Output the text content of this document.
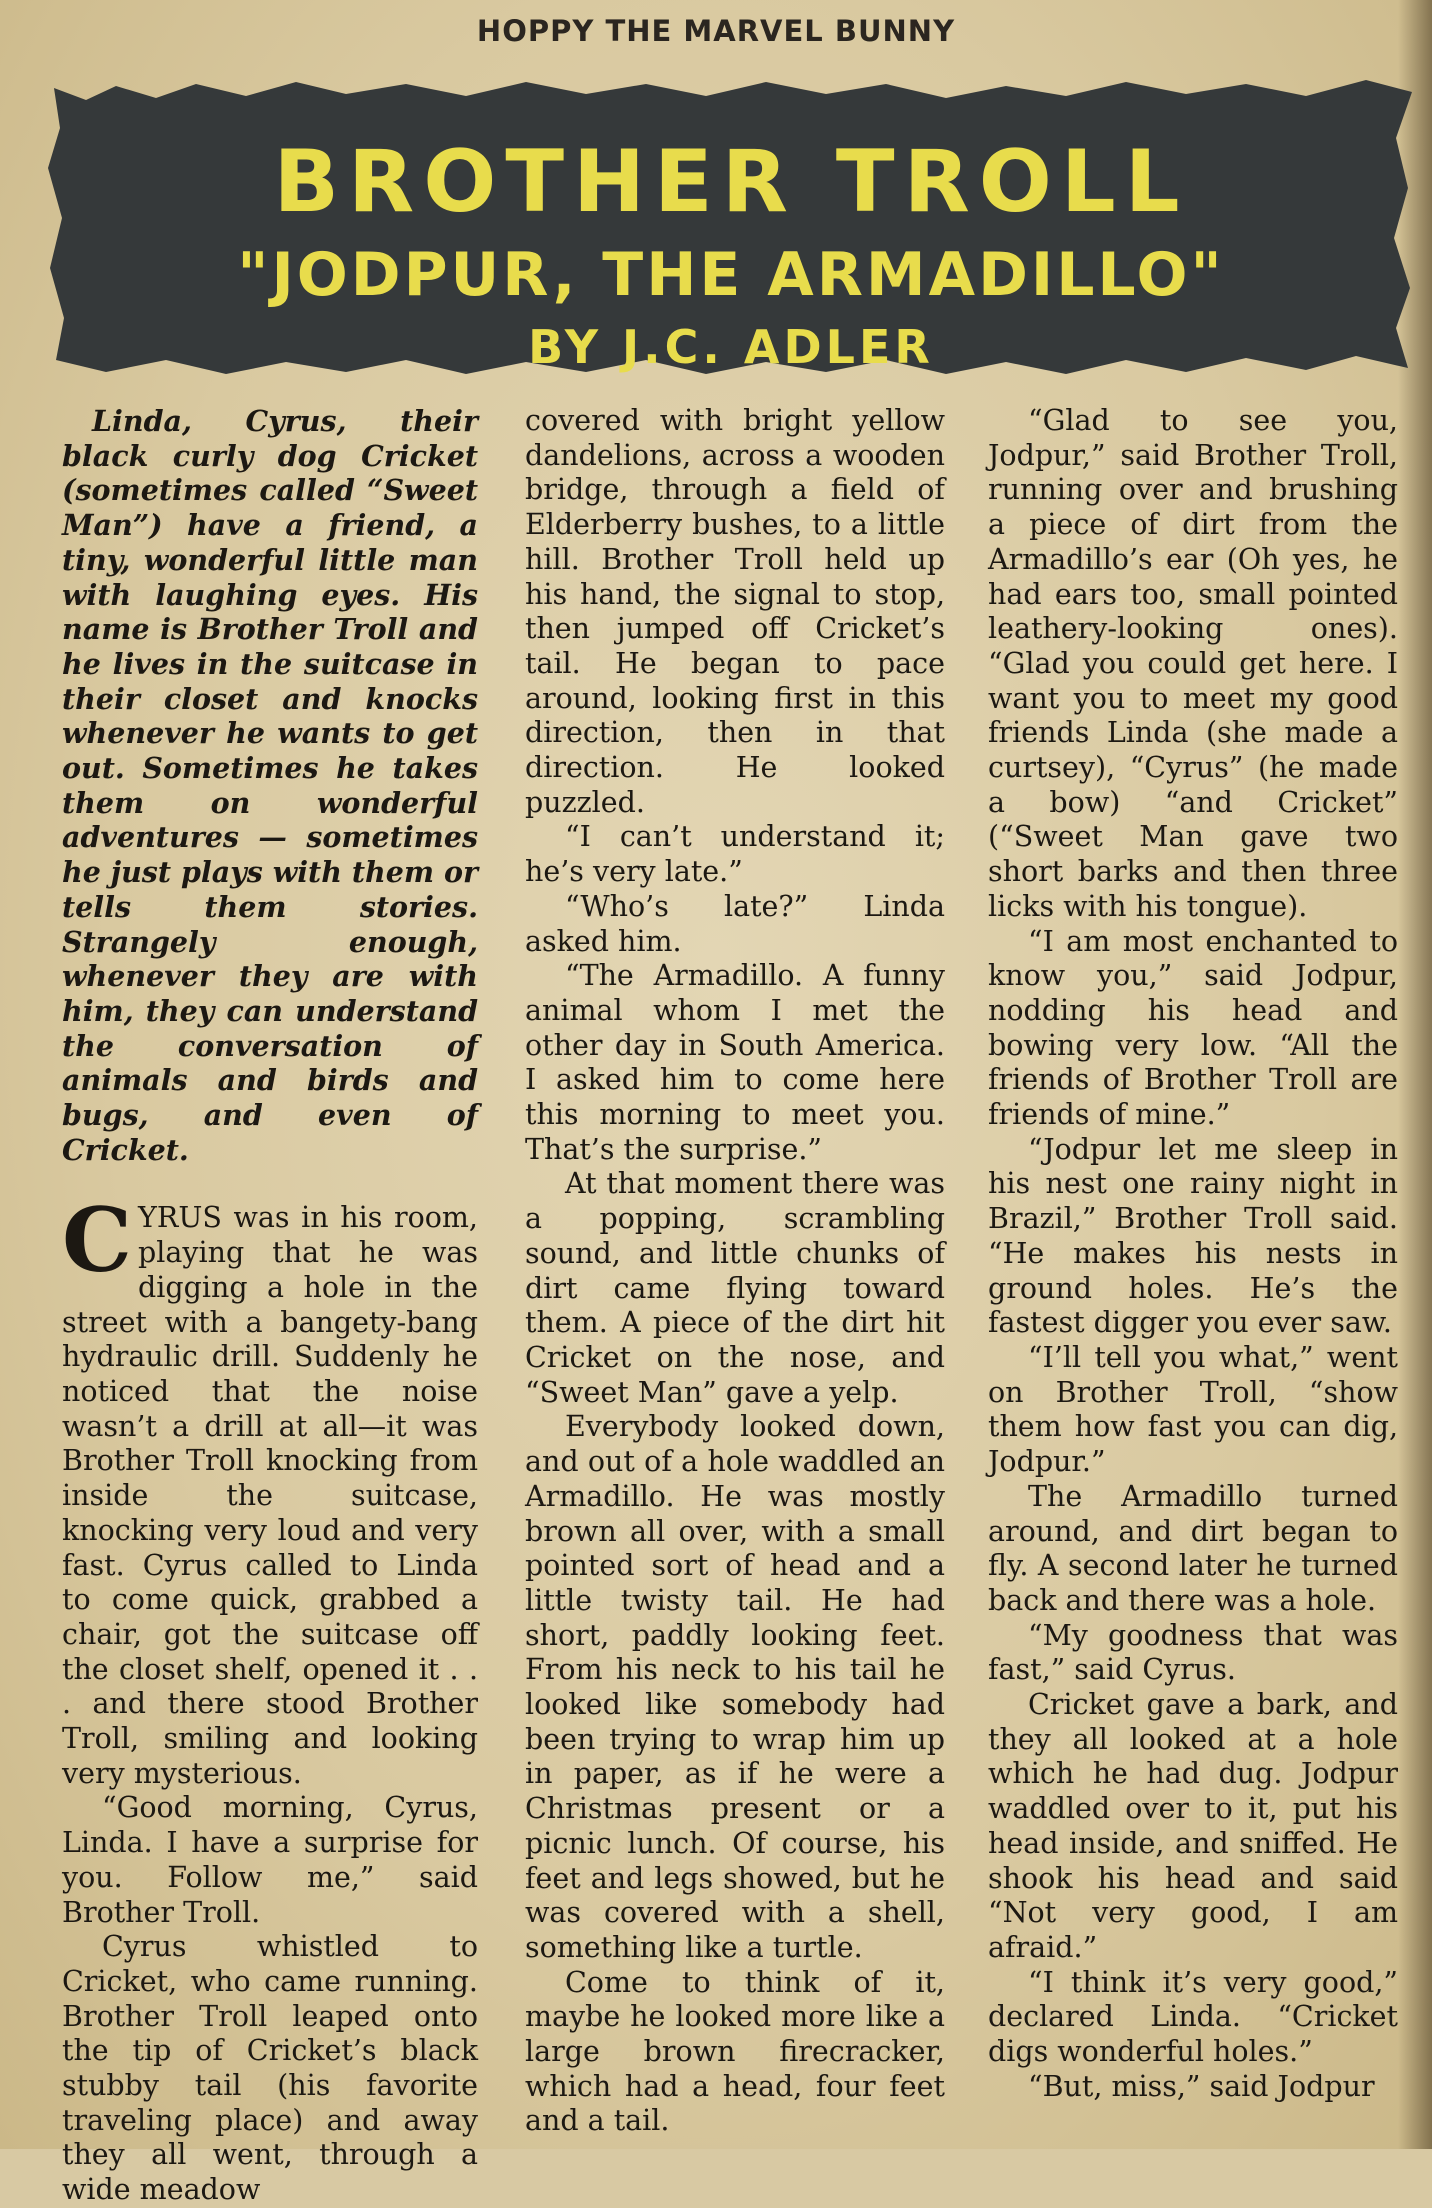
HOPPY THE MARVEL BUNNY
BROTHER TROLL
"JODPUR, THE ARMADILLO"
BY J.C. ADLER

Linda, Cyrus, their black curly dog Cricket (sometimes called “Sweet Man”) have a friend, a tiny, wonderful little man with laughing eyes. His name is Brother Troll and he lives in the suitcase in their closet and knocks whenever he wants to get out. Sometimes he takes them on wonderful adventures — sometimes he just plays with them or tells them stories. Strangely enough, whenever they are with him, they can understand the conversation of animals and birds and bugs, and even of Cricket.

CYRUS was in his room, playing that he was digging a hole in the street with a bangety-bang hydraulic drill. Suddenly he noticed that the noise wasn’t a drill at all—it was Brother Troll knocking from inside the suitcase, knocking very loud and very fast. Cyrus called to Linda to come quick, grabbed a chair, got the suitcase off the closet shelf, opened it . . . and there stood Brother Troll, smiling and looking very mysterious.

“Good morning, Cyrus, Linda. I have a surprise for you. Follow me,” said Brother Troll.

Cyrus whistled to Cricket, who came running. Brother Troll leaped onto the tip of Cricket’s black stubby tail (his favorite traveling place) and away they all went, through a wide meadow

covered with bright yellow dandelions, across a wooden bridge, through a field of Elderberry bushes, to a little hill. Brother Troll held up his hand, the signal to stop, then jumped off Cricket’s tail. He began to pace around, looking first in this direction, then in that direction. He looked puzzled.

“I can’t understand it; he’s very late.”

“Who’s late?” Linda asked him.

“The Armadillo. A funny animal whom I met the other day in South America. I asked him to come here this morning to meet you. That’s the surprise.”

At that moment there was a popping, scrambling sound, and little chunks of dirt came flying toward them. A piece of the dirt hit Cricket on the nose, and “Sweet Man” gave a yelp.

Everybody looked down, and out of a hole waddled an Armadillo. He was mostly brown all over, with a small pointed sort of head and a little twisty tail. He had short, paddly looking feet. From his neck to his tail he looked like somebody had been trying to wrap him up in paper, as if he were a Christmas present or a picnic lunch. Of course, his feet and legs showed, but he was covered with a shell, something like a turtle.

Come to think of it, maybe he looked more like a large brown firecracker, which had a head, four feet and a tail.

“Glad to see you, Jodpur,” said Brother Troll, running over and brushing a piece of dirt from the Armadillo’s ear (Oh yes, he had ears too, small pointed leathery-looking ones). “Glad you could get here. I want you to meet my good friends Linda (she made a curtsey), “Cyrus” (he made a bow) “and Cricket” (“Sweet Man gave two short barks and then three licks with his tongue).

“I am most enchanted to know you,” said Jodpur, nodding his head and bowing very low. “All the friends of Brother Troll are friends of mine.”

“Jodpur let me sleep in his nest one rainy night in Brazil,” Brother Troll said. “He makes his nests in ground holes. He’s the fastest digger you ever saw.

“I’ll tell you what,” went on Brother Troll, “show them how fast you can dig, Jodpur.”

The Armadillo turned around, and dirt began to fly. A second later he turned back and there was a hole.

“My goodness that was fast,” said Cyrus.

Cricket gave a bark, and they all looked at a hole which he had dug. Jodpur waddled over to it, put his head inside, and sniffed. He shook his head and said “Not very good, I am afraid.”

“I think it’s very good,” declared Linda. “Cricket digs wonderful holes.”

“But, miss,” said Jodpur
